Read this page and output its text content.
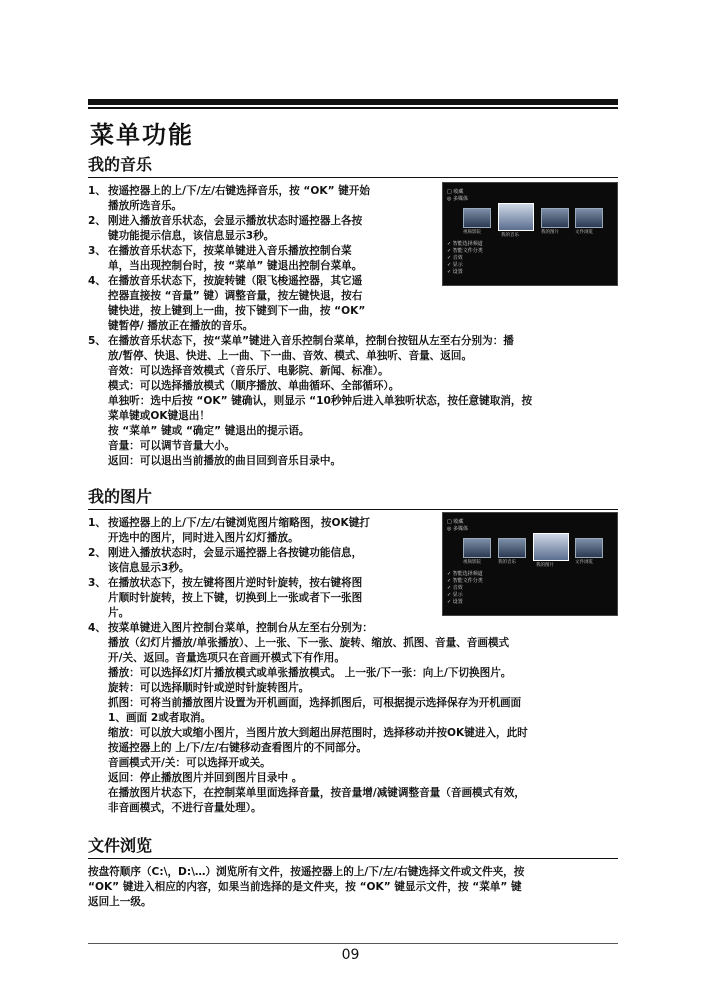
菜单功能
我的音乐

1、 按遥控器上的上/下/左/右键选择音乐，按 “OK” 键开始

播放所选音乐。

2、 刚进入播放音乐状态，会显示播放状态时遥控器上各按

键功能提示信息，该信息显示3秒。

3、 在播放音乐状态下，按菜单键进入音乐播放控制台菜

单，当出现控制台时，按 “菜单” 键退出控制台菜单。

4、 在播放音乐状态下，按旋转键（限飞梭遥控器，其它遥

控器直接按 “音量” 键）调整音量，按左键快退，按右

键快进，按上键到上一曲，按下键到下一曲，按 “OK”

键暂停/ 播放正在播放的音乐。

5、 在播放音乐状态下，按“菜单”键进入音乐控制台菜单，控制台按钮从左至右分别为：播

放/暂停、快退、快进、上一曲、下一曲、音效、模式、单独听、音量、返回。

音效：可以选择音效模式（音乐厅、电影院、新闻、标准）。

模式：可以选择播放模式（顺序播放、单曲循环、全部循环）。

单独听：选中后按 “OK” 键确认，则显示 “10秒钟后进入单独听状态，按任意键取消，按

菜单键或OK键退出！

按 “菜单” 键或 “确定” 键退出的提示语。

音量：可以调节音量大小。

返回：可以退出当前播放的曲目回到音乐目录中。

□ 收藏
◎ 多媒体
视频影院
我的音乐
我的图片	文件浏览
✓ 智能选择频道
✓ 智能文件分类
✓ 音效
✓ 显示
✓ 设置
我的图片

1、 按遥控器上的上/下/左/右键浏览图片缩略图，按OK键打

开选中的图片，同时进入图片幻灯播放。

2、 刚进入播放状态时，会显示遥控器上各按键功能信息，

该信息显示3秒。

3、 在播放状态下，按左键将图片逆时针旋转，按右键将图

片顺时针旋转，按上下键，切换到上一张或者下一张图

片。

4、 按菜单键进入图片控制台菜单，控制台从左至右分别为：

播放（幻灯片播放/单张播放）、上一张、下一张、旋转、缩放、抓图、音量、音画模式

开/关、返回。音量选项只在音画开模式下有作用。

播放：可以选择幻灯片播放模式或单张播放模式。 上一张/下一张：向上/下切换图片。

旋转：可以选择顺时针或逆时针旋转图片。

抓图：可将当前播放图片设置为开机画面，选择抓图后，可根据提示选择保存为开机画面

1、画面 2或者取消。

缩放：可以放大或缩小图片，当图片放大到超出屏范围时，选择移动并按OK键进入，此时

按遥控器上的 上/下/左/右键移动查看图片的不同部分。

音画模式开/关：可以选择开或关。

返回：停止播放图片并回到图片目录中 。

在播放图片状态下，在控制菜单里面选择音量，按音量增/减键调整音量（音画模式有效，

非音画模式，不进行音量处理）。

□ 收藏
◎ 多媒体
视频影院	我的音乐
我的图片
文件浏览
✓ 智能选择频道
✓ 智能文件分类
✓ 音效
✓ 显示
✓ 设置
文件浏览

按盘符顺序（C:\，D:\…）浏览所有文件，按遥控器上的上/下/左/右键选择文件或文件夹，按

“OK” 键进入相应的内容，如果当前选择的是文件夹，按 “OK” 键显示文件，按 “菜单” 键

返回上一级。

09
